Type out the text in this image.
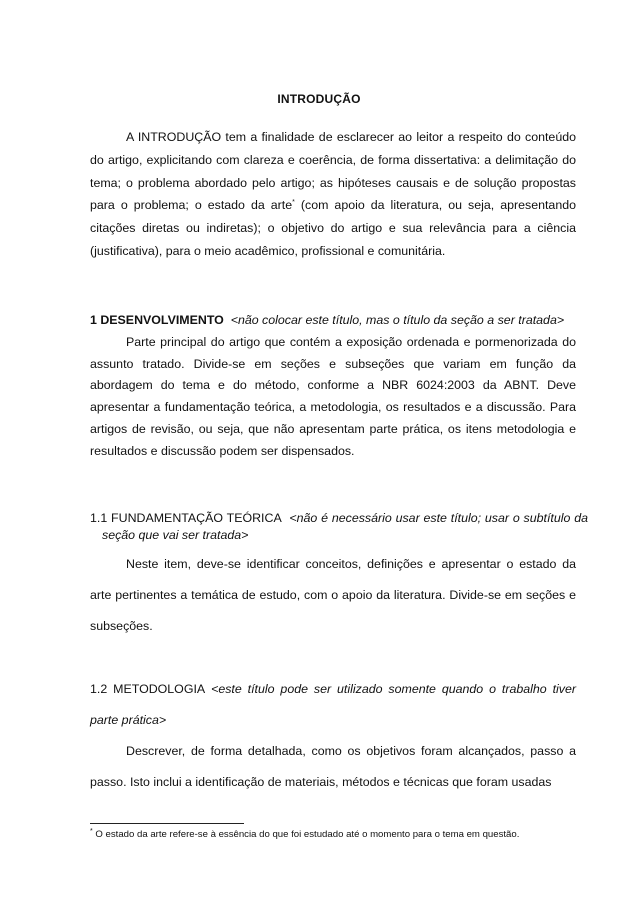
INTRODUÇÃO

A INTRODUÇÃO tem a finalidade de esclarecer ao leitor a respeito do conteúdo do artigo, explicitando com clareza e coerência, de forma dissertativa: a delimitação do tema; o problema abordado pelo artigo; as hipóteses causais e de solução propostas para o problema; o estado da arte* (com apoio da literatura, ou seja, apresentando citações diretas ou indiretas); o objetivo do artigo e sua relevância para a ciência (justificativa), para o meio acadêmico, profissional e comunitária.

1 DESENVOLVIMENTO <não colocar este título, mas o título da seção a ser tratada>

Parte principal do artigo que contém a exposição ordenada e pormenorizada do assunto tratado. Divide-se em seções e subseções que variam em função da abordagem do tema e do método, conforme a NBR 6024:2003 da ABNT. Deve apresentar a fundamentação teórica, a metodologia, os resultados e a discussão. Para artigos de revisão, ou seja, que não apresentam parte prática, os itens metodologia e resultados e discussão podem ser dispensados.

1.1 FUNDAMENTAÇÃO TEÓRICA <não é necessário usar este título; usar o subtítulo da seção que vai ser tratada>

Neste item, deve-se identificar conceitos, definições e apresentar o estado da arte pertinentes a temática de estudo, com o apoio da literatura. Divide-se em seções e subseções.

1.2 METODOLOGIA <este título pode ser utilizado somente quando o trabalho tiver parte prática>

Descrever, de forma detalhada, como os objetivos foram alcançados, passo a passo. Isto inclui a identificação de materiais, métodos e técnicas que foram usadas

* O estado da arte refere-se à essência do que foi estudado até o momento para o tema em questão.
